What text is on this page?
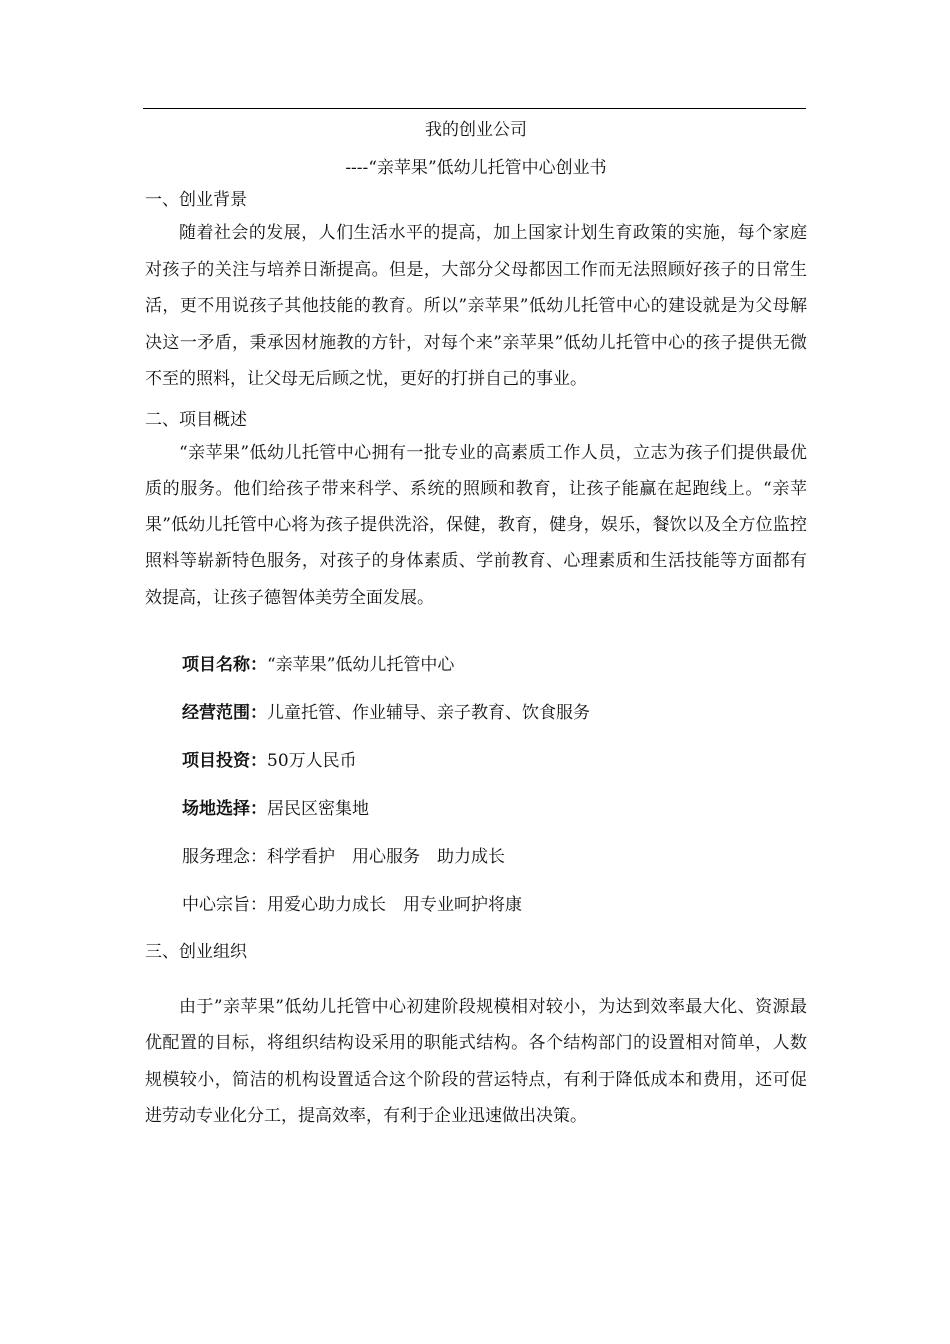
我的创业公司
----“亲苹果”低幼儿托管中心创业书
一、创业背景

随着社会的发展，人们生活水平的提高，加上国家计划生育政策的实施，每个家庭对孩子的关注与培养日渐提高。但是，大部分父母都因工作而无法照顾好孩子的日常生活，更不用说孩子其他技能的教育。所以”亲苹果”低幼儿托管中心的建设就是为父母解决这一矛盾，秉承因材施教的方针，对每个来”亲苹果”低幼儿托管中心的孩子提供无微不至的照料，让父母无后顾之忧，更好的打拼自己的事业。

二、项目概述

“亲苹果”低幼儿托管中心拥有一批专业的高素质工作人员，立志为孩子们提供最优质的服务。他们给孩子带来科学、系统的照顾和教育，让孩子能赢在起跑线上。“亲苹果”低幼儿托管中心将为孩子提供洗浴，保健，教育，健身，娱乐，餐饮以及全方位监控照料等崭新特色服务，对孩子的身体素质、学前教育、心理素质和生活技能等方面都有效提高，让孩子德智体美劳全面发展。

项目名称：“亲苹果”低幼儿托管中心
经营范围：儿童托管、作业辅导、亲子教育、饮食服务
项目投资：50万人民币
场地选择：居民区密集地
服务理念：科学看护　用心服务　助力成长
中心宗旨：用爱心助力成长　用专业呵护将康
三、创业组织

由于”亲苹果”低幼儿托管中心初建阶段规模相对较小，为达到效率最大化、资源最优配置的目标，将组织结构设采用的职能式结构。各个结构部门的设置相对简单，人数规模较小，简洁的机构设置适合这个阶段的营运特点，有利于降低成本和费用，还可促进劳动专业化分工，提高效率，有利于企业迅速做出决策。
